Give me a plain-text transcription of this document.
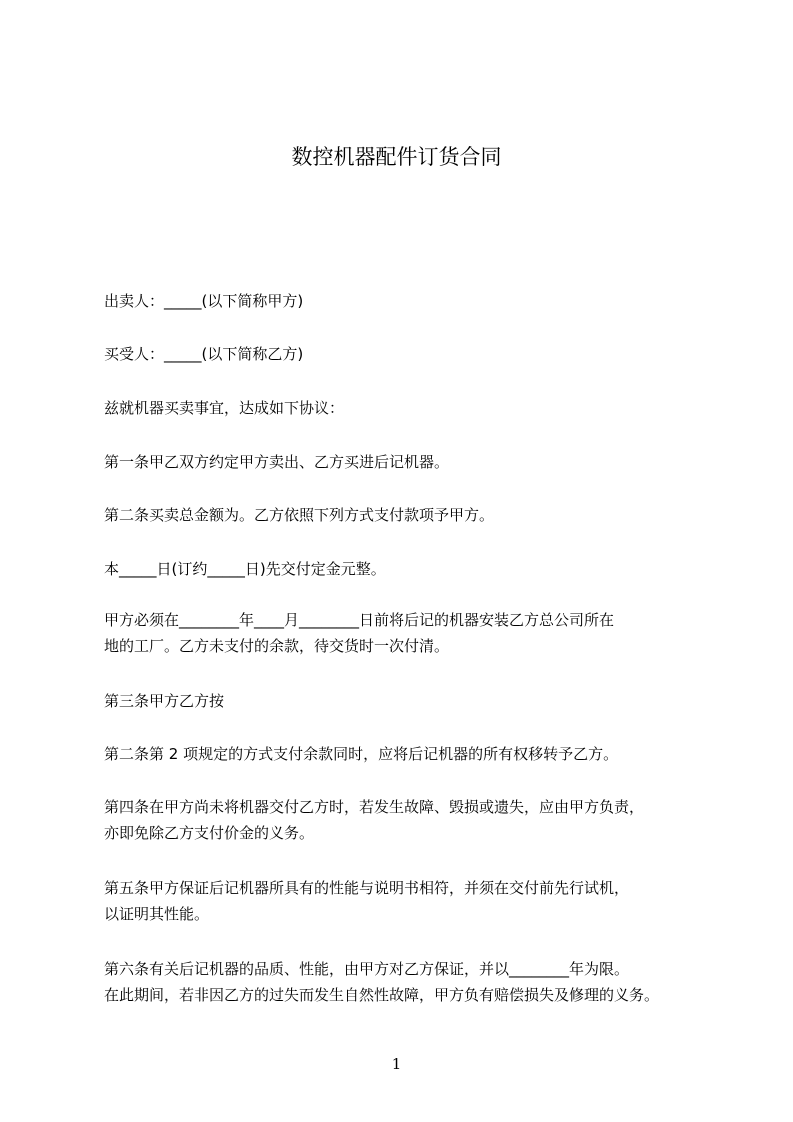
数控机器配件订货合同

出卖人：_____(以下简称甲方)

买受人：_____(以下简称乙方)

兹就机器买卖事宜，达成如下协议：

第一条甲乙双方约定甲方卖出、乙方买进后记机器。

第二条买卖总金额为。乙方依照下列方式支付款项予甲方。

本_____日(订约_____日)先交付定金元整。

甲方必须在________年____月________日前将后记的机器安装乙方总公司所在
地的工厂。乙方未支付的余款，待交货时一次付清。

第三条甲方乙方按

第二条第 2 项规定的方式支付余款同时，应将后记机器的所有权移转予乙方。

第四条在甲方尚未将机器交付乙方时，若发生故障、毁损或遗失，应由甲方负责，
亦即免除乙方支付价金的义务。
第五条甲方保证后记机器所具有的性能与说明书相符，并须在交付前先行试机，
以证明其性能。
第六条有关后记机器的品质、性能，由甲方对乙方保证，并以________年为限。
在此期间，若非因乙方的过失而发生自然性故障，甲方负有赔偿损失及修理的义务。
1
